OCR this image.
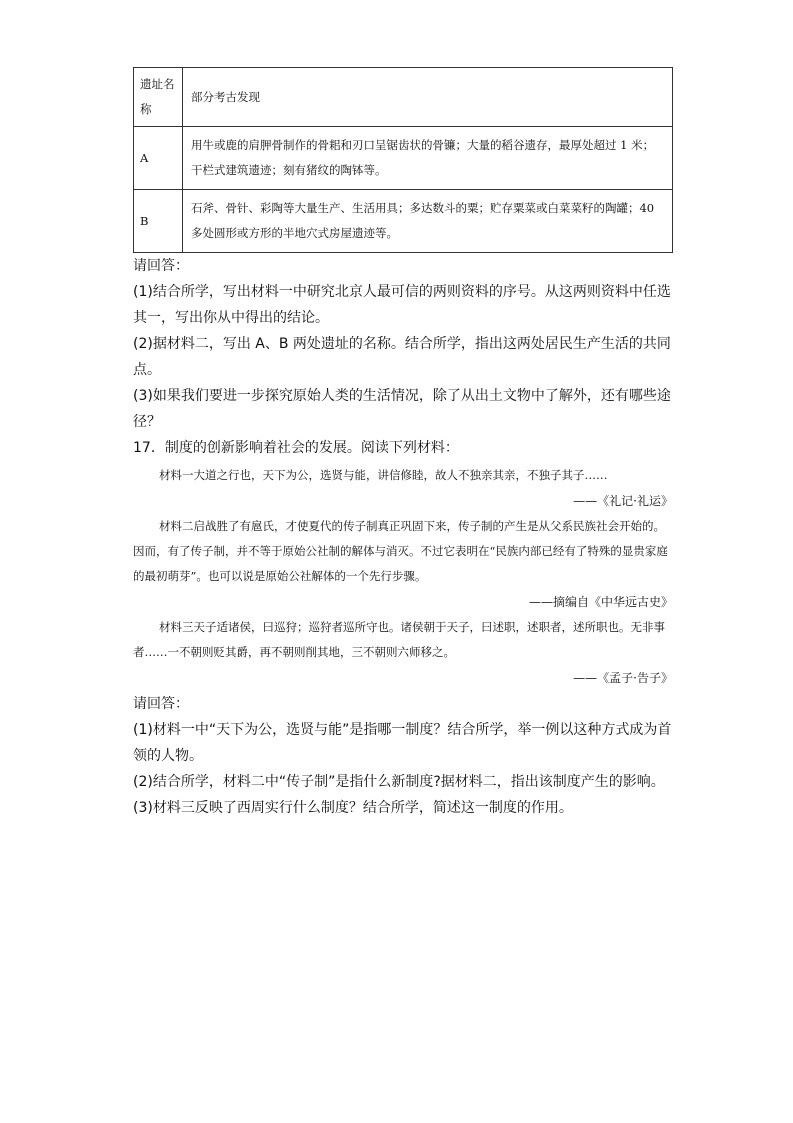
遗址名称	部分考古发现
A	用牛或鹿的肩胛骨制作的骨耜和刃口呈锯齿状的骨镰；大量的稻谷遗存，最厚处超过 1 米；干栏式建筑遗迹；刻有猪纹的陶钵等。
B	石斧、骨针、彩陶等大量生产、生活用具；多达数斗的粟；贮存粟菜或白菜菜籽的陶罐；40 多处圆形或方形的半地穴式房屋遗迹等。

请回答：

(1)结合所学，写出材料一中研究北京人最可信的两则资料的序号。从这两则资料中任选其一，写出你从中得出的结论。

(2)据材料二，写出 A、B 两处遗址的名称。结合所学，指出这两处居民生产生活的共同点。

(3)如果我们要进一步探究原始人类的生活情况，除了从出土文物中了解外，还有哪些途径？

17．制度的创新影响着社会的发展。阅读下列材料：

材料一大道之行也，天下为公，选贤与能，讲信修睦，故人不独亲其亲，不独子其子……

——《礼记·礼运》

材料二启战胜了有扈氏，才使夏代的传子制真正巩固下来，传子制的产生是从父系民族社会开始的。因而，有了传子制，并不等于原始公社制的解体与消灭。不过它表明在“民族内部已经有了特殊的显贵家庭的最初萌芽”。也可以说是原始公社解体的一个先行步骤。

——摘编自《中华远古史》

材料三天子适诸侯，曰巡狩；巡狩者巡所守也。诸侯朝于天子，曰述职，述职者，述所职也。无非事者……一不朝则贬其爵，再不朝则削其地，三不朝则六师移之。

——《孟子·告子》

请回答：

(1)材料一中“天下为公，选贤与能”是指哪一制度？结合所学，举一例以这种方式成为首领的人物。

(2)结合所学，材料二中“传子制”是指什么新制度?据材料二，指出该制度产生的影响。

(3)材料三反映了西周实行什么制度？结合所学，简述这一制度的作用。
